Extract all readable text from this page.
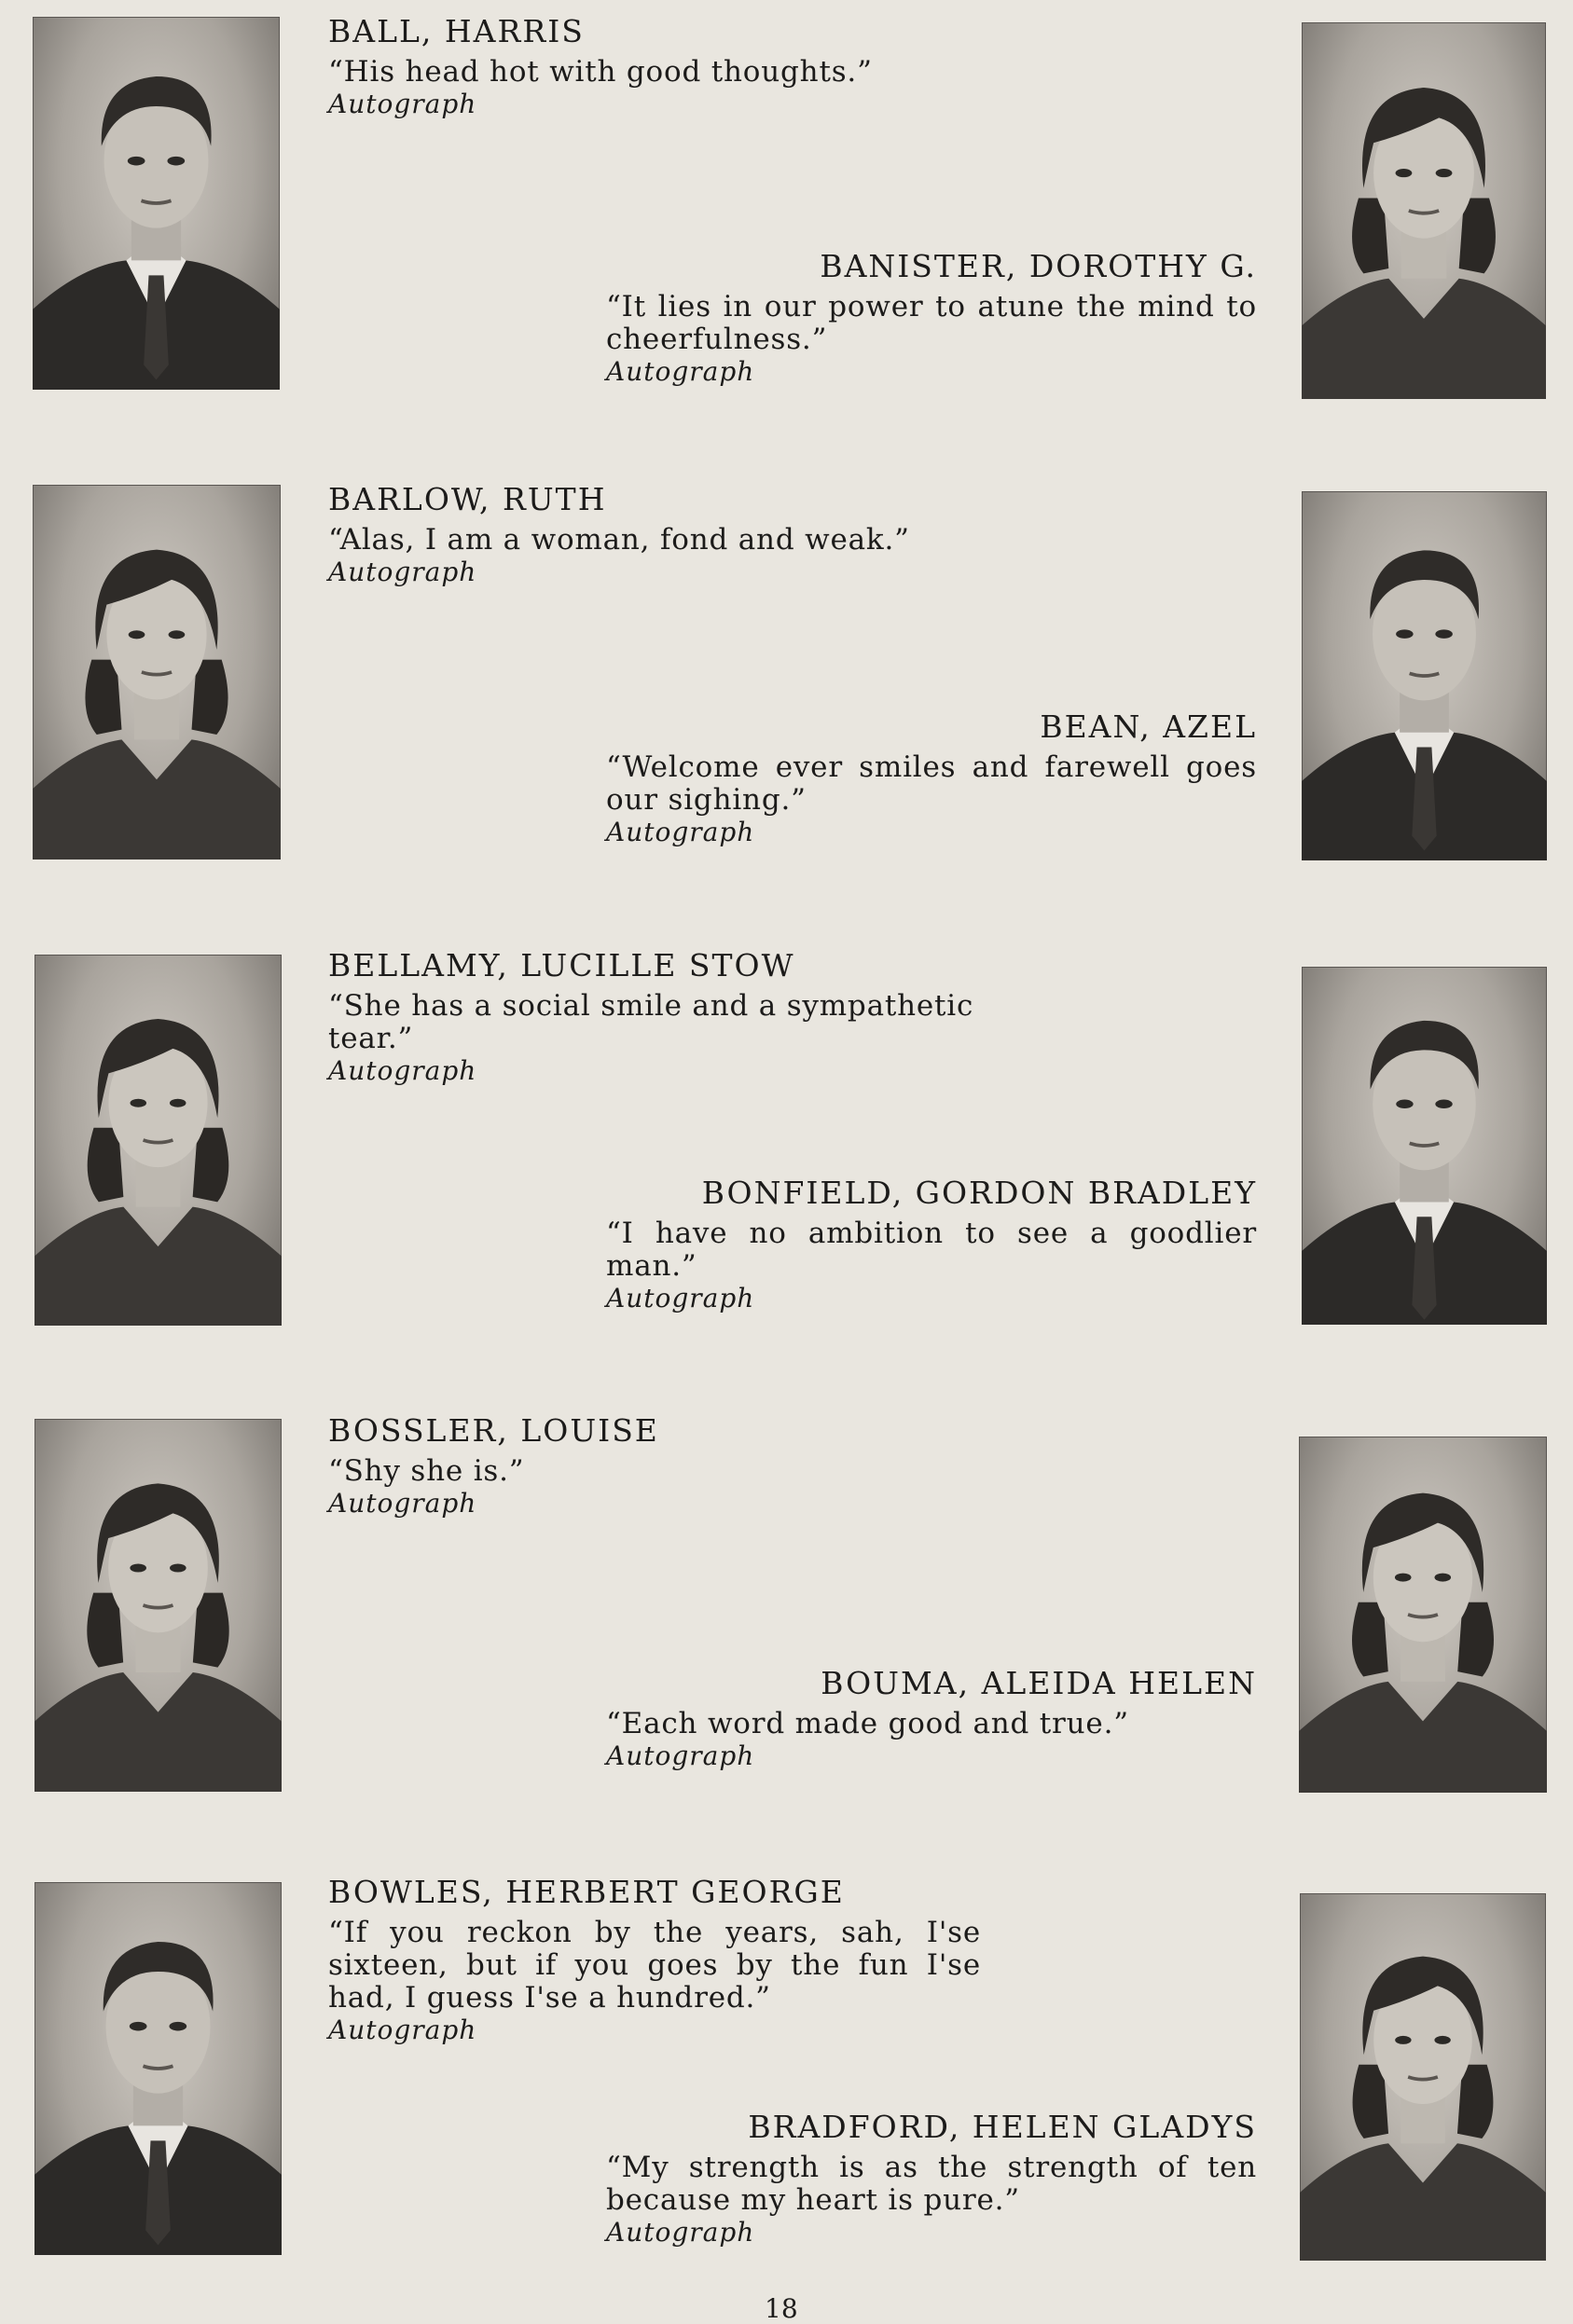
BALL, HARRIS
“His head hot with good thoughts.”
Autograph
BANISTER, DOROTHY G.
“It lies in our power to atune the mind to cheerfulness.”
Autograph
BARLOW, RUTH
“Alas, I am a woman, fond and weak.”
Autograph
BEAN, AZEL
“Welcome ever smiles and farewell goes our sighing.”
Autograph
BELLAMY, LUCILLE STOW
“She has a social smile and a sympathetic tear.”
Autograph
BONFIELD, GORDON BRADLEY
“I have no ambition to see a goodlier man.”
Autograph
BOSSLER, LOUISE
“Shy she is.”
Autograph
BOUMA, ALEIDA HELEN
“Each word made good and true.”
Autograph
BOWLES, HERBERT GEORGE
“If you reckon by the years, sah, I'se sixteen, but if you goes by the fun I'se had, I guess I'se a hundred.”
Autograph
BRADFORD, HELEN GLADYS
“My strength is as the strength of ten because my heart is pure.”
Autograph
18
